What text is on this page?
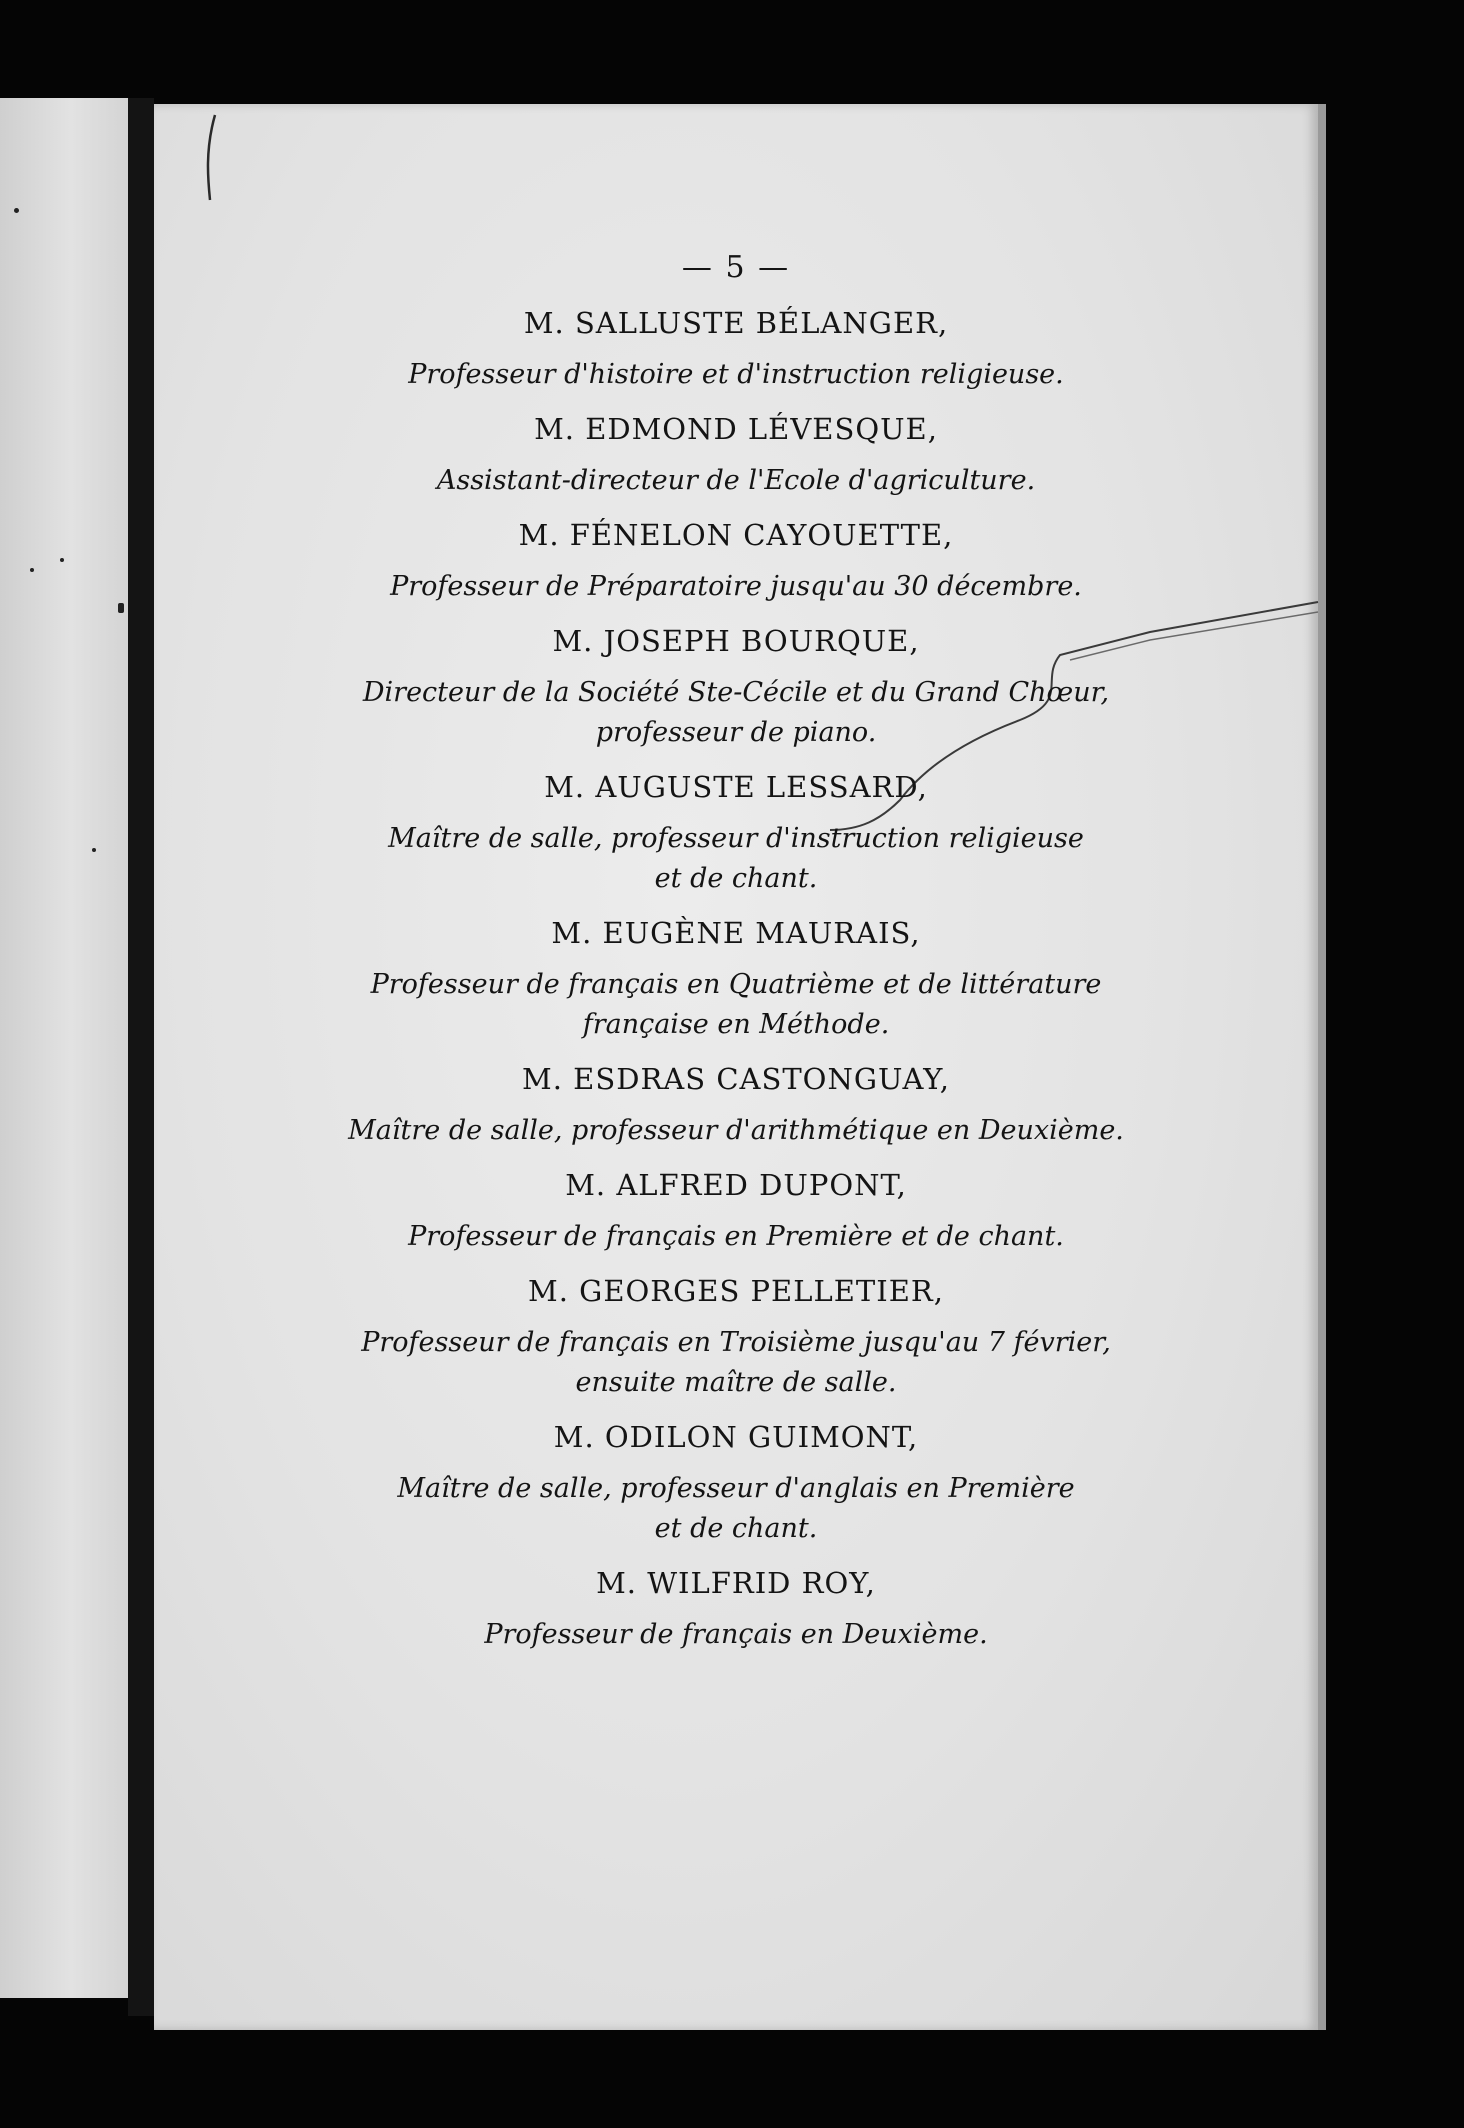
— 5 —

M. SALLUSTE BÉLANGER,

Professeur d'histoire et d'instruction religieuse.

M. EDMOND LÉVESQUE,

Assistant-directeur de l'Ecole d'agriculture.

M. FÉNELON CAYOUETTE,

Professeur de Préparatoire jusqu'au 30 décembre.

M. JOSEPH BOURQUE,

Directeur de la Société Ste-Cécile et du Grand Chœur,
professeur de piano.

M. AUGUSTE LESSARD,

Maître de salle, professeur d'instruction religieuse
et de chant.

M. EUGÈNE MAURAIS,

Professeur de français en Quatrième et de littérature
française en Méthode.

M. ESDRAS CASTONGUAY,

Maître de salle, professeur d'arithmétique en Deuxième.

M. ALFRED DUPONT,

Professeur de français en Première et de chant.

M. GEORGES PELLETIER,

Professeur de français en Troisième jusqu'au 7 février,
ensuite maître de salle.

M. ODILON GUIMONT,

Maître de salle, professeur d'anglais en Première
et de chant.

M. WILFRID ROY,

Professeur de français en Deuxième.
